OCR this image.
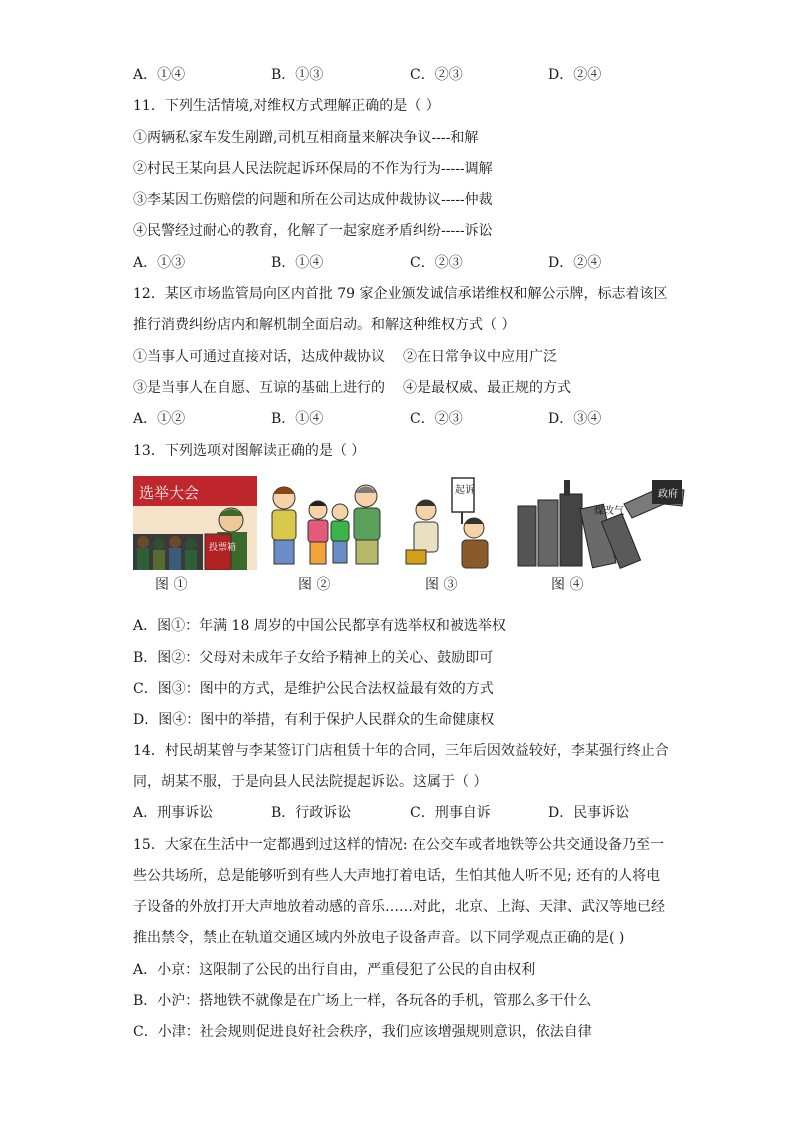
A．①④	B．①③	C．②③	D．②④
11．下列生活情境,对维权方式理解正确的是（ ）
①两辆私家车发生剐蹭,司机互相商量来解决争议----和解
②村民王某向县人民法院起诉环保局的不作为行为-----调解
③李某因工伤赔偿的问题和所在公司达成仲裁协议-----仲裁
④民警经过耐心的教育，化解了一起家庭矛盾纠纷-----诉讼
A．①③	B．①④	C．②③	D．②④
12．某区市场监管局向区内首批 79 家企业颁发诚信承诺维权和解公示牌，标志着该区
推行消费纠纷店内和解机制全面启动。和解这种维权方式（ ）
①当事人可通过直接对话，达成仲裁协议 ②在日常争议中应用广泛
③是当事人在自愿、互谅的基础上进行的 ④是最权威、最正规的方式
A．①②	B．①④	C．②③	D．③④
13．下列选项对图解读正确的是（ ）
选举大会
投票箱
起诉
煤改气
政府
图 ①	图 ②	图 ③	图 ④
A．图①：年满 18 周岁的中国公民都享有选举权和被选举权
B．图②：父母对未成年子女给予精神上的关心、鼓励即可
C．图③：图中的方式，是维护公民合法权益最有效的方式
D．图④：图中的举措，有利于保护人民群众的生命健康权
14．村民胡某曾与李某签订门店租赁十年的合同，三年后因效益较好，李某强行终止合
同，胡某不服，于是向县人民法院提起诉讼。这属于（ ）
A．刑事诉讼	B．行政诉讼	C．刑事自诉	D．民事诉讼
15．大家在生活中一定都遇到过这样的情况: 在公交车或者地铁等公共交通设备乃至一
些公共场所，总是能够听到有些人大声地打着电话，生怕其他人听不见; 还有的人将电
子设备的外放打开大声地放着动感的音乐……对此，北京、上海、天津、武汉等地已经
推出禁令，禁止在轨道交通区域内外放电子设备声音。以下同学观点正确的是( )
A．小京：这限制了公民的出行自由，严重侵犯了公民的自由权利
B．小沪：搭地铁不就像是在广场上一样，各玩各的手机，管那么多干什么
C．小津：社会规则促进良好社会秩序，我们应该增强规则意识，依法自律
